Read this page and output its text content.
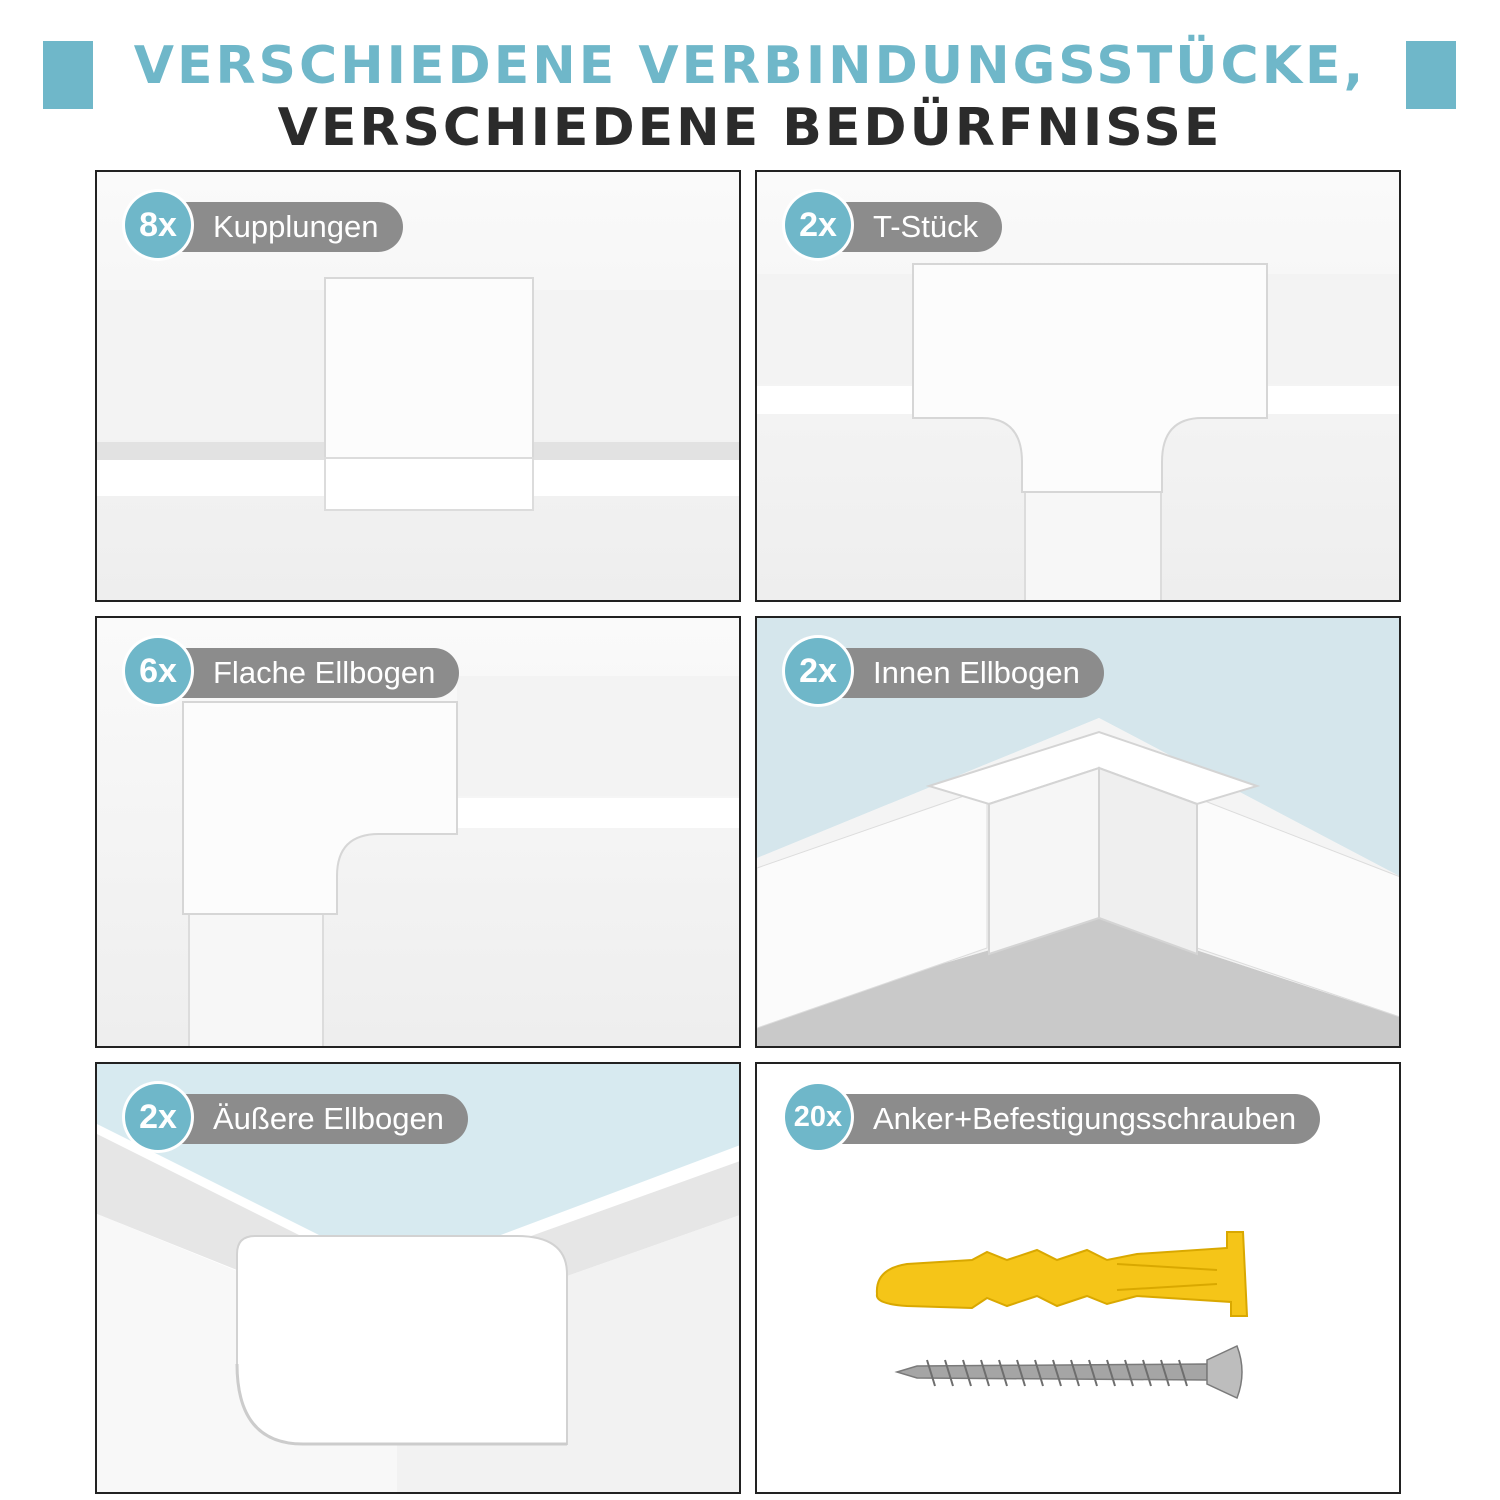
VERSCHIEDENE VERBINDUNGSSTÜCKE,
VERSCHIEDENE BEDÜRFNISSE
8x	Kupplungen	2x	T-Stück
6x	Flache Ellbogen	2x	Innen Ellbogen
2x	Äußere Ellbogen	20x Anker+Befestigungsschrauben
